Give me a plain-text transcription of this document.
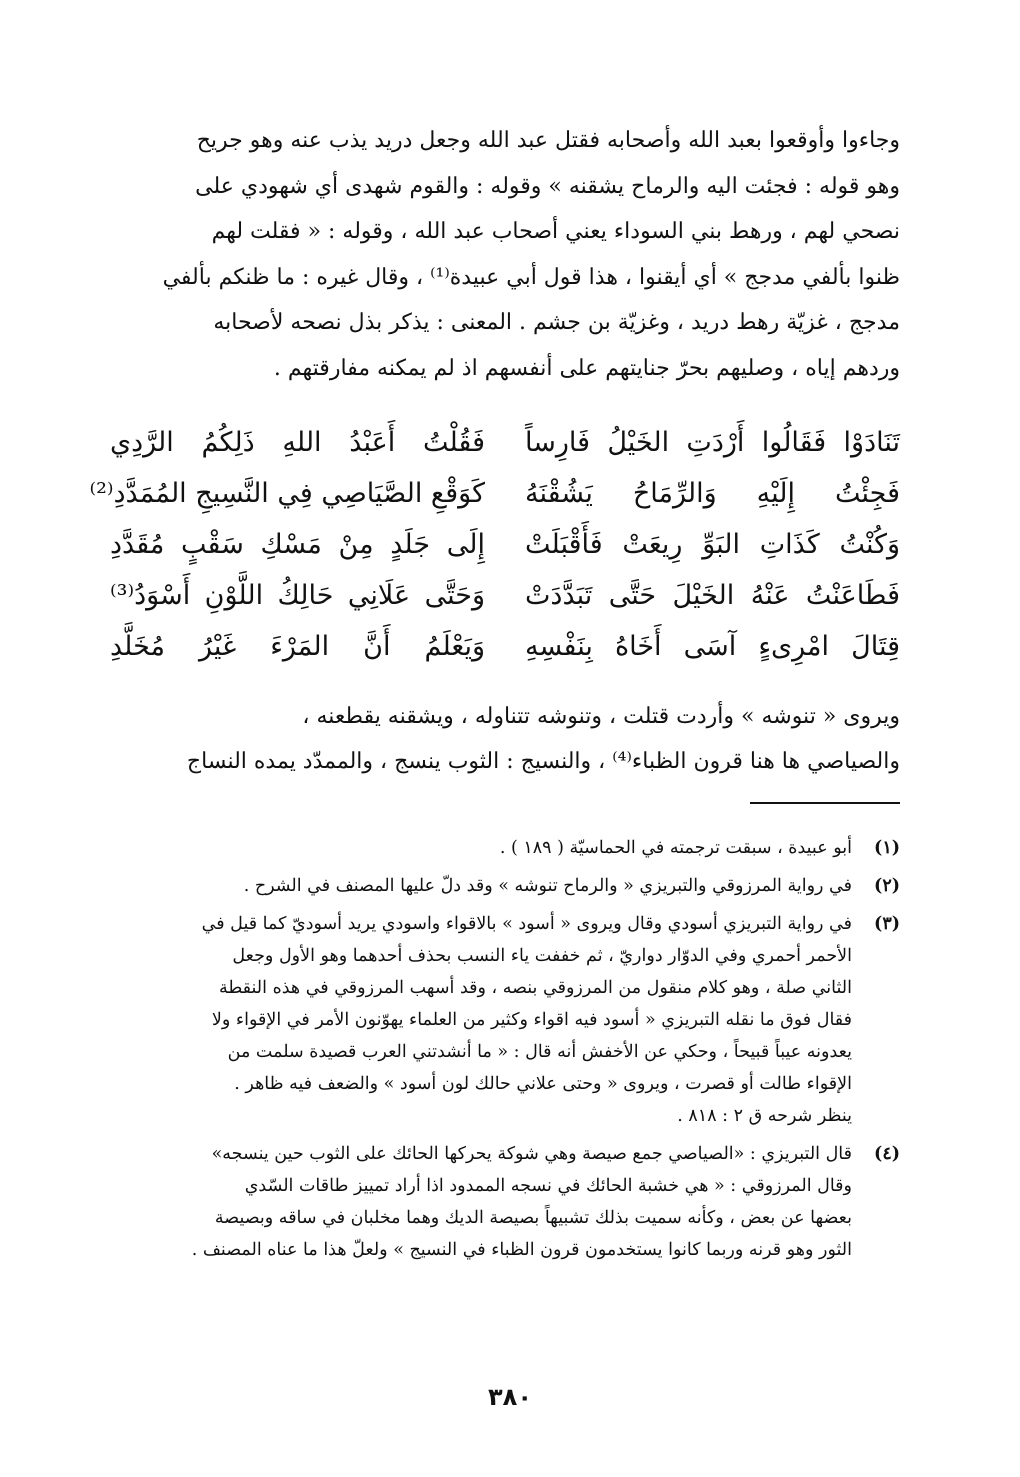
وجاءوا وأوقعوا بعبد الله وأصحابه فقتل عبد الله وجعل دريد يذب عنه وهو جريح

وهو قوله : فجئت اليه والرماح يشقنه » وقوله : والقوم شهدى أي شهودي على

نصحي لهم ، ورهط بني السوداء يعني أصحاب عبد الله ، وقوله : « فقلت لهم

ظنوا بألفي مدجج » أي أيقنوا ، هذا قول أبي عبيدة⁽¹⁾ ، وقال غيره : ما ظنكم بألفي

مدجج ، غزيّة رهط دريد ، وغزيّة بن جشم . المعنى : يذكر بذل نصحه لأصحابه

وردهم إياه ، وصليهم بحرّ جنايتهم على أنفسهم اذ لم يمكنه مفارقتهم .

تَنَادَوْا فَقَالُوا أَرْدَتِ الخَيْلُ فَارِساً
فَقُلْتُ أَعَبْدُ اللهِ ذَلِكُمُ الرَّدِي
فَجِئْتُ إِلَيْهِ وَالرِّمَاحُ يَشُقْنَهُ
كَوَقْعِ الصَّيَاصِي فِي النَّسِيجِ المُمَدَّدِ⁽²⁾
وَكُنْتُ كَذَاتِ البَوِّ رِيعَتْ فَأَقْبَلَتْ
إِلَى جَلَدٍ مِنْ مَسْكِ سَقْبٍ مُقَدَّدِ
فَطَاعَنْتُ عَنْهُ الخَيْلَ حَتَّى تَبَدَّدَتْ
وَحَتَّى عَلَانِي حَالِكُ اللَّوْنِ أَسْوَدُ⁽³⁾
قِتَالَ امْرِىءٍ آسَى أَخَاهُ بِنَفْسِهِ
وَيَعْلَمُ أَنَّ المَرْءَ غَيْرُ مُخَلَّدِ
ويروى « تنوشه » وأردت قتلت ، وتنوشه تتناوله ، ويشقنه يقطعنه ،
والصياصي ها هنا قرون الظباء⁽⁴⁾ ، والنسيج : الثوب ينسج ، والممدّد يمده النساج
(١)
أبو عبيدة ، سبقت ترجمته في الحماسيّة ( ١٨٩ ) .
(٢)
في رواية المرزوقي والتبريزي « والرماح تنوشه » وقد دلّ عليها المصنف في الشرح .
(٣)
في رواية التبريزي أسودي وقال ويروى « أسود » بالاقواء واسودي يريد أسوديّ كما قيل في
الأحمر أحمري وفي الدوّار دواريّ ، ثم خففت ياء النسب بحذف أحدهما وهو الأول وجعل
الثاني صلة ، وهو كلام منقول من المرزوقي بنصه ، وقد أسهب المرزوقي في هذه النقطة
فقال فوق ما نقله التبريزي « أسود فيه اقواء وكثير من العلماء يهوّنون الأمر في الإقواء ولا
يعدونه عيباً قبيحاً ، وحكي عن الأخفش أنه قال : « ما أنشدتني العرب قصيدة سلمت من
الإقواء طالت أو قصرت ، ويروى « وحتى علاني حالك لون أسود » والضعف فيه ظاهر .
ينظر شرحه ق ٢ : ٨١٨ .
(٤)
قال التبريزي : «الصياصي جمع صيصة وهي شوكة يحركها الحائك على الثوب حين ينسجه»
وقال المرزوقي : « هي خشبة الحائك في نسجه الممدود اذا أراد تمييز طاقات السّدي
بعضها عن بعض ، وكأنه سميت بذلك تشبيهاً بصيصة الديك وهما مخلبان في ساقه وبصيصة
الثور وهو قرنه وربما كانوا يستخدمون قرون الظباء في النسيج » ولعلّ هذا ما عناه المصنف .
٣٨٠
